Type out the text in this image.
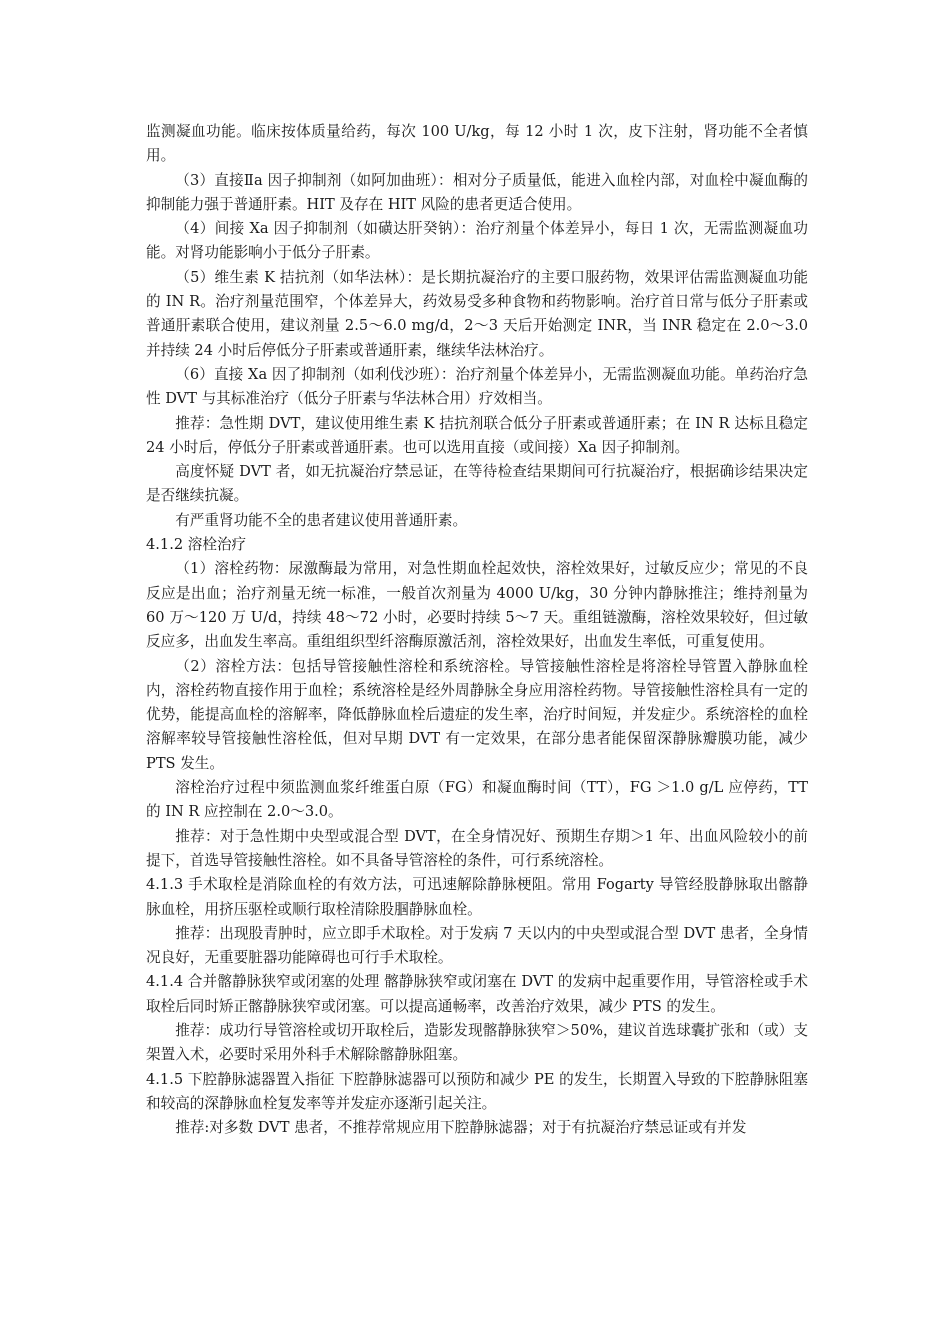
监测凝血功能。临床按体质量给药，每次 100 U/kg，每 12 小时 1 次，皮下注射，肾功能不全者慎用。

（3）直接Ⅱa 因子抑制剂（如阿加曲班）：相对分子质量低，能进入血栓内部，对血栓中凝血酶的抑制能力强于普通肝素。HIT 及存在 HIT 风险的患者更适合使用。

（4）间接 Xa 因子抑制剂（如磺达肝癸钠）：治疗剂量个体差异小，每日 1 次，无需监测凝血功能。对肾功能影响小于低分子肝素。

（5）维生素 K 拮抗剂（如华法林）：是长期抗凝治疗的主要口服药物，效果评估需监测凝血功能的 IN R。治疗剂量范围窄，个体差异大，药效易受多种食物和药物影响。治疗首日常与低分子肝素或普通肝素联合使用，建议剂量 2.5～6.0 mg/d，2～3 天后开始测定 INR，当 INR 稳定在 2.0～3.0 并持续 24 小时后停低分子肝素或普通肝素，继续华法林治疗。

（6）直接 Xa 因了抑制剂（如利伐沙班）：治疗剂量个体差异小，无需监测凝血功能。单药治疗急性 DVT 与其标准治疗（低分子肝素与华法林合用）疗效相当。

推荐：急性期 DVT，建议使用维生素 K 拮抗剂联合低分子肝素或普通肝素；在 IN R 达标且稳定 24 小时后，停低分子肝素或普通肝素。也可以选用直接（或间接）Xa 因子抑制剂。

高度怀疑 DVT 者，如无抗凝治疗禁忌证，在等待检查结果期间可行抗凝治疗，根据确诊结果决定是否继续抗凝。

有严重肾功能不全的患者建议使用普通肝素。

4.1.2 溶栓治疗

（1）溶栓药物：尿激酶最为常用，对急性期血栓起效快，溶栓效果好，过敏反应少；常见的不良反应是出血；治疗剂量无统一标准，一般首次剂量为 4000 U/kg，30 分钟内静脉推注；维持剂量为 60 万～120 万 U/d，持续 48～72 小时，必要时持续 5～7 天。重组链激酶，溶栓效果较好，但过敏反应多，出血发生率高。重组组织型纤溶酶原激活剂，溶栓效果好，出血发生率低，可重复使用。

（2）溶栓方法：包括导管接触性溶栓和系统溶栓。导管接触性溶栓是将溶栓导管置入静脉血栓内，溶栓药物直接作用于血栓；系统溶栓是经外周静脉全身应用溶栓药物。导管接触性溶栓具有一定的优势，能提高血栓的溶解率，降低静脉血栓后遗症的发生率，治疗时间短，并发症少。系统溶栓的血栓溶解率较导管接触性溶栓低，但对早期 DVT 有一定效果，在部分患者能保留深静脉瓣膜功能，减少 PTS 发生。

溶栓治疗过程中须监测血浆纤维蛋白原（FG）和凝血酶时间（TT），FG ＞1.0 g/L 应停药，TT 的 IN R 应控制在 2.0～3.0。

推荐：对于急性期中央型或混合型 DVT，在全身情况好、预期生存期＞1 年、出血风险较小的前提下，首选导管接触性溶栓。如不具备导管溶栓的条件，可行系统溶栓。

4.1.3 手术取栓是消除血栓的有效方法，可迅速解除静脉梗阻。常用 Fogarty 导管经股静脉取出髂静脉血栓，用挤压驱栓或顺行取栓清除股腘静脉血栓。

推荐：出现股青肿时，应立即手术取栓。对于发病 7 天以内的中央型或混合型 DVT 患者，全身情况良好，无重要脏器功能障碍也可行手术取栓。

4.1.4 合并髂静脉狭窄或闭塞的处理 髂静脉狭窄或闭塞在 DVT 的发病中起重要作用，导管溶栓或手术取栓后同时矫正髂静脉狭窄或闭塞。可以提高通畅率，改善治疗效果，减少 PTS 的发生。

推荐：成功行导管溶栓或切开取栓后，造影发现髂静脉狭窄＞50%，建议首选球囊扩张和（或）支架置入术，必要时采用外科手术解除髂静脉阻塞。

4.1.5 下腔静脉滤器置入指征 下腔静脉滤器可以预防和减少 PE 的发生，长期置入导致的下腔静脉阻塞和较高的深静脉血栓复发率等并发症亦逐渐引起关注。

推荐:对多数 DVT 患者，不推荐常规应用下腔静脉滤器；对于有抗凝治疗禁忌证或有并发
